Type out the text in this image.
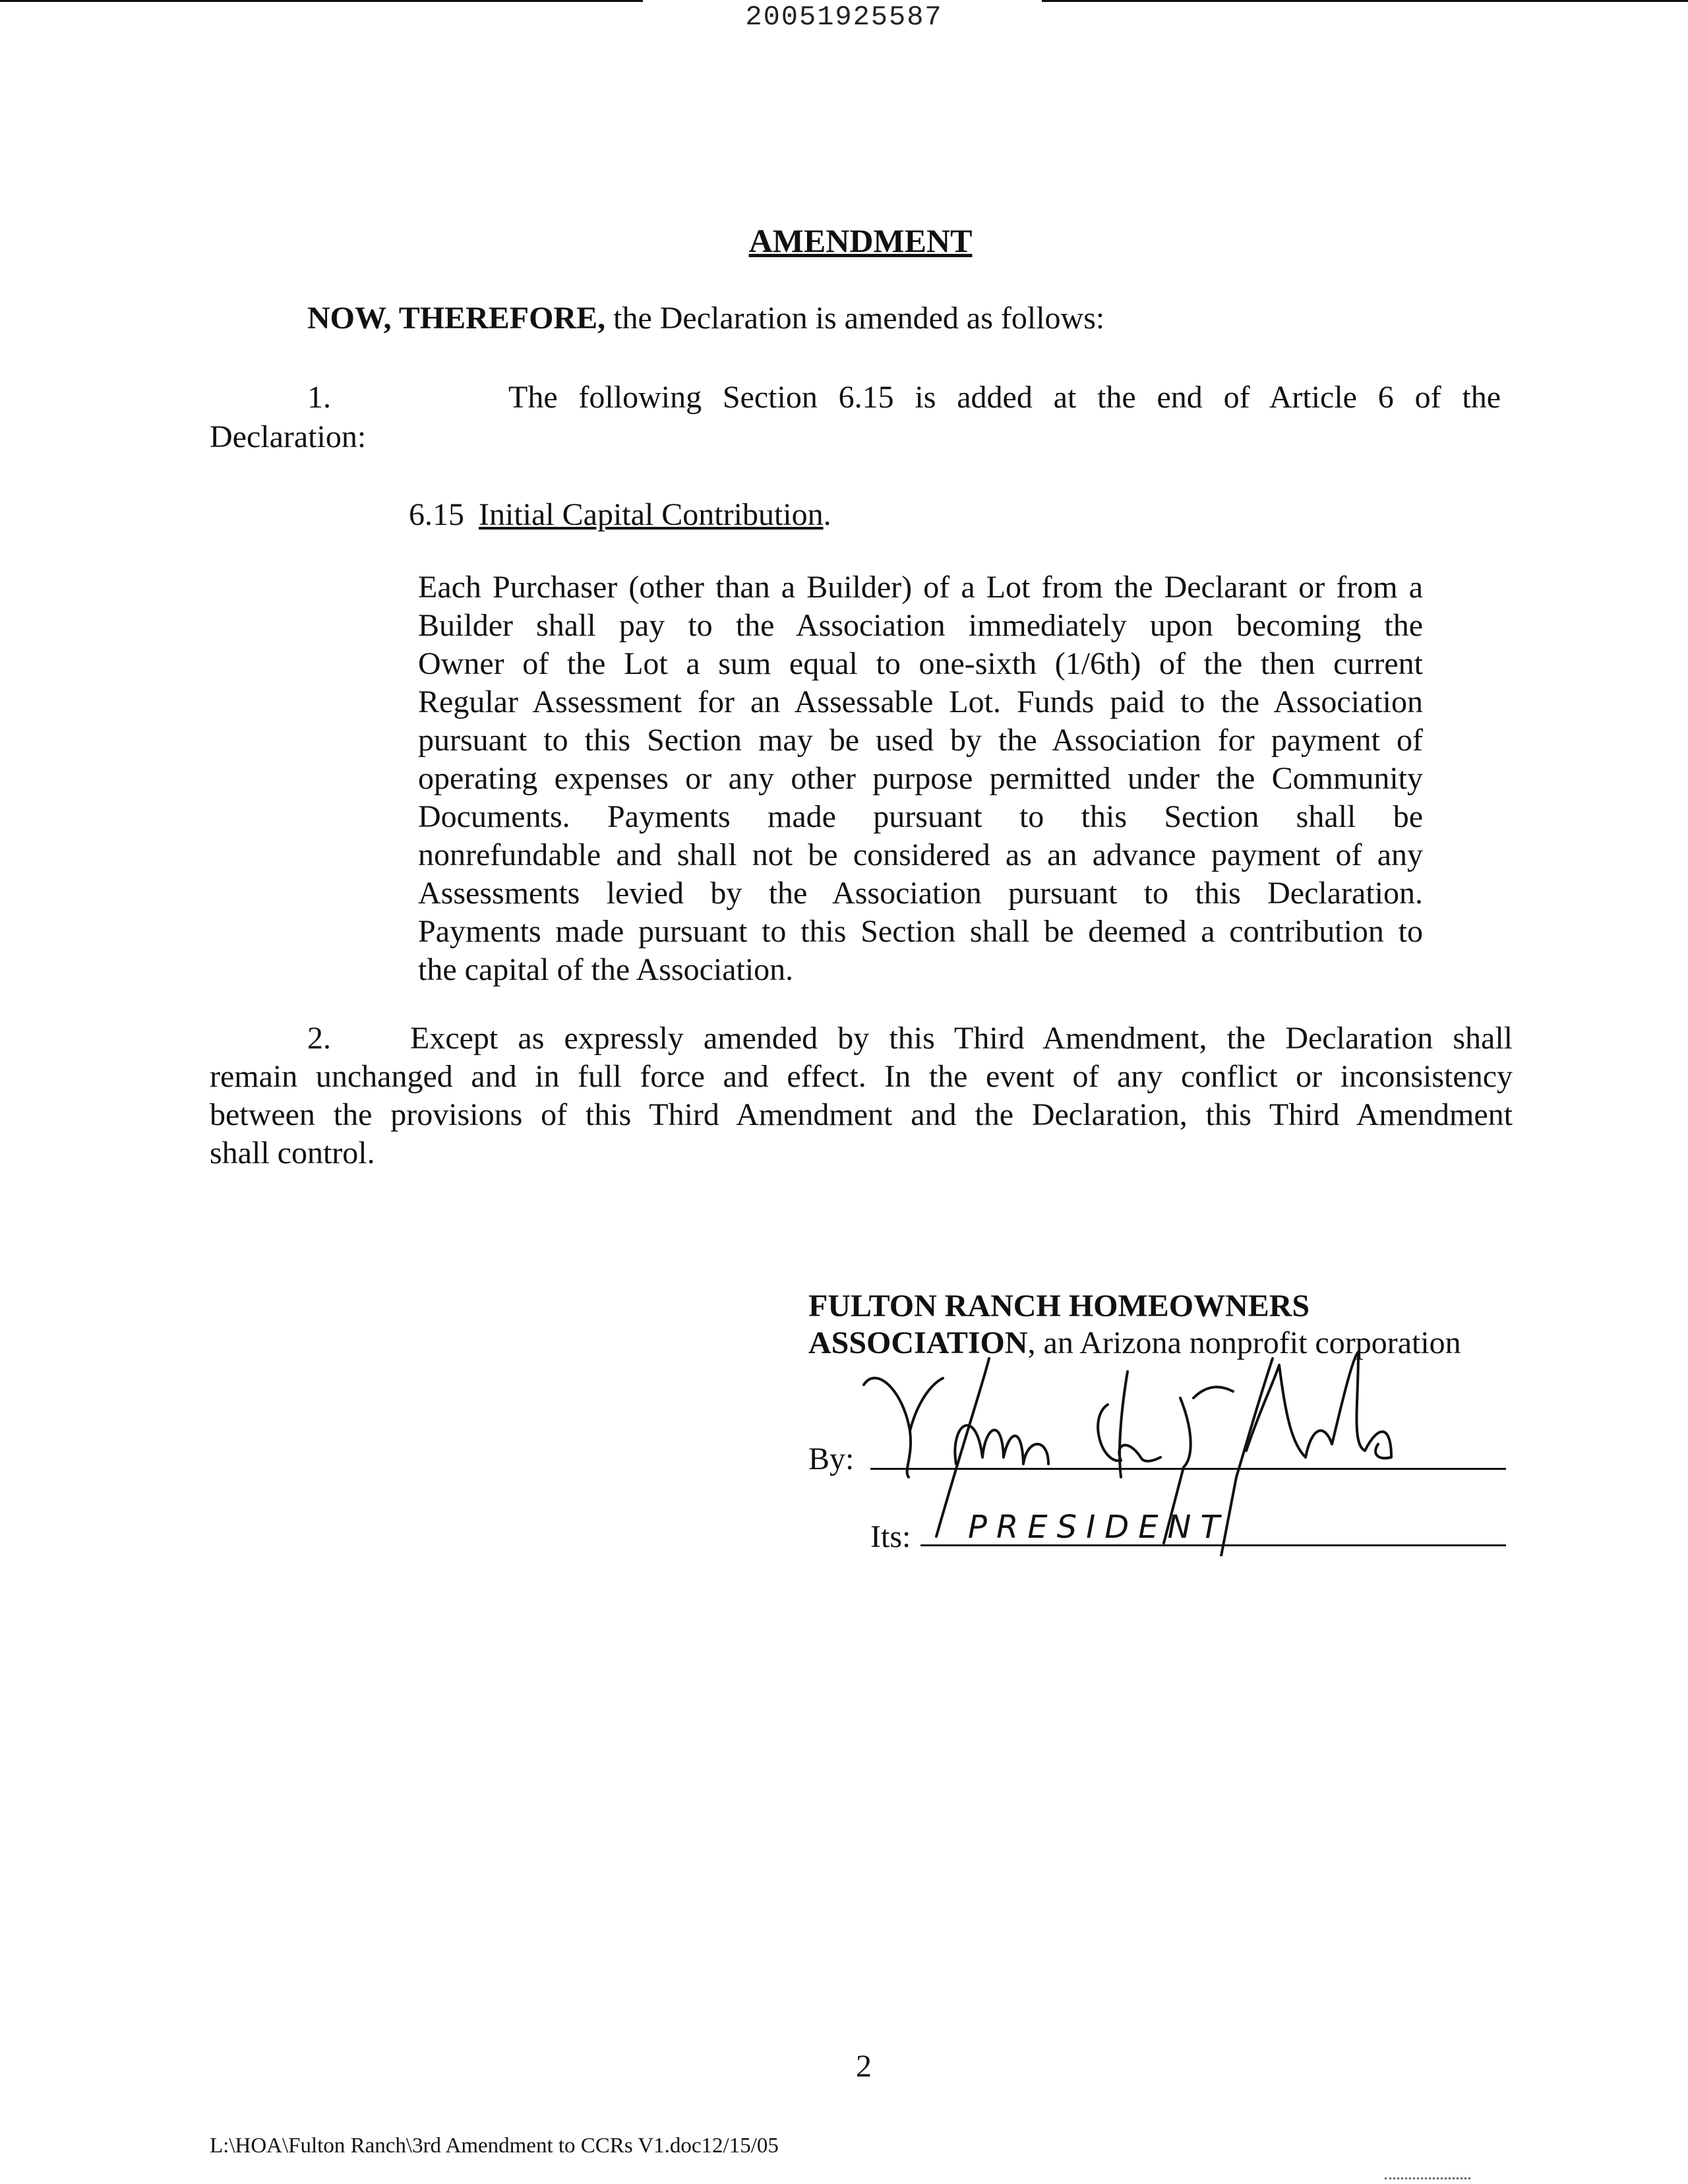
20051925587
AMENDMENT
NOW, THEREFORE, the Declaration is amended as follows:
1.	The following Section 6.15 is added at the end of Article 6 of the
Declaration:
6.15 Initial Capital Contribution.
Each Purchaser (other than a Builder) of a Lot from the Declarant or from a
Builder shall pay to the Association immediately upon becoming the
Owner of the Lot a sum equal to one-sixth (1/6th) of the then current
Regular Assessment for an Assessable Lot. Funds paid to the Association
pursuant to this Section may be used by the Association for payment of
operating expenses or any other purpose permitted under the Community
Documents. Payments made pursuant to this Section shall be
nonrefundable and shall not be considered as an advance payment of any
Assessments levied by the Association pursuant to this Declaration.
Payments made pursuant to this Section shall be deemed a contribution to
the capital of the Association.
2.	Except as expressly amended by this Third Amendment, the Declaration shall
remain unchanged and in full force and effect. In the event of any conflict or inconsistency
between the provisions of this Third Amendment and the Declaration, this Third Amendment
shall control.
FULTON RANCH HOMEOWNERS
ASSOCIATION, an Arizona nonprofit corporation
By:
Its: PRESIDENT
2
L:\HOA\Fulton Ranch\3rd Amendment to CCRs V1.doc12/15/05
